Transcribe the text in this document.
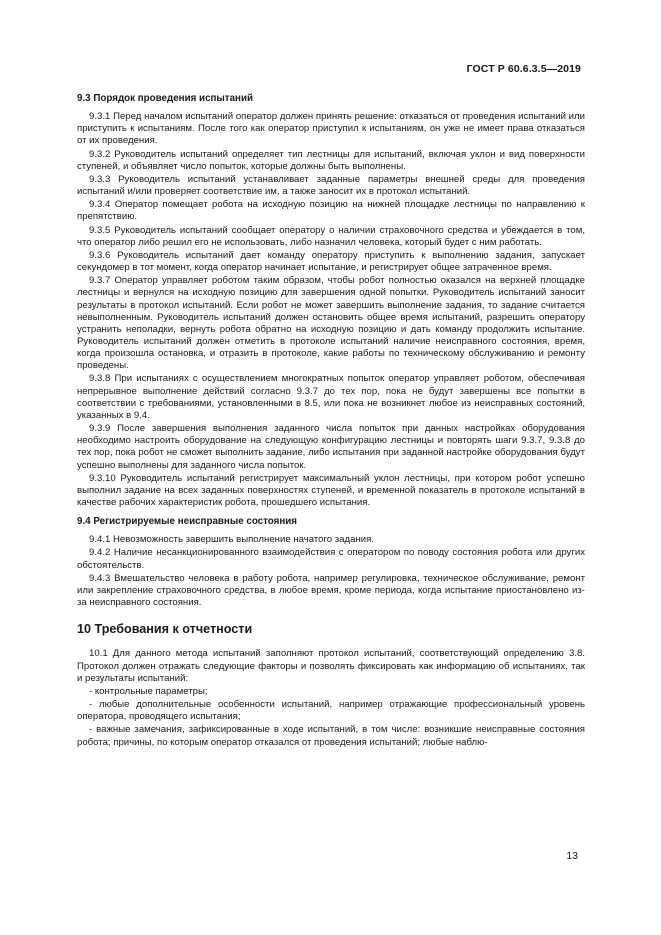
ГОСТ Р 60.6.3.5—2019
9.3 Порядок проведения испытаний

9.3.1 Перед началом испытаний оператор должен принять решение: отказаться от проведения испытаний или приступить к испытаниям. После того как оператор приступил к испытаниям, он уже не имеет права отказаться от их проведения.

9.3.2 Руководитель испытаний определяет тип лестницы для испытаний, включая уклон и вид поверхности ступеней, и объявляет число попыток, которые должны быть выполнены.

9.3.3 Руководитель испытаний устанавливает заданные параметры внешней среды для проведения испытаний и/или проверяет соответствие им, а также заносит их в протокол испытаний.

9.3.4 Оператор помещает робота на исходную позицию на нижней площадке лестницы по направлению к препятствию.

9.3.5 Руководитель испытаний сообщает оператору о наличии страховочного средства и убеждается в том, что оператор либо решил его не использовать, либо назначил человека, который будет с ним работать.

9.3.6 Руководитель испытаний дает команду оператору приступить к выполнению задания, запускает секундомер в тот момент, когда оператор начинает испытание, и регистрирует общее затраченное время.

9.3.7 Оператор управляет роботом таким образом, чтобы робот полностью оказался на верхней площадке лестницы и вернулся на исходную позицию для завершения одной попытки. Руководитель испытаний заносит результаты в протокол испытаний. Если робот не может завершить выполнение задания, то задание считается невыполненным. Руководитель испытаний должен остановить общее время испытаний, разрешить оператору устранить неполадки, вернуть робота обратно на исходную позицию и дать команду продолжить испытание. Руководитель испытаний должен отметить в протоколе испытаний наличие неисправного состояния, время, когда произошла остановка, и отразить в протоколе, какие работы по техническому обслуживанию и ремонту проведены.

9.3.8 При испытаниях с осуществлением многократных попыток оператор управляет роботом, обеспечивая непрерывное выполнение действий согласно 9.3.7 до тех пор, пока не будут завершены все попытки в соответствии с требованиями, установленными в 8.5, или пока не возникнет любое из неисправных состояний, указанных в 9.4.

9.3.9 После завершения выполнения заданного числа попыток при данных настройках оборудования необходимо настроить оборудование на следующую конфигурацию лестницы и повторять шаги 9.3.7, 9.3.8 до тех пор, пока робот не сможет выполнить задание, либо испытания при заданной настройке оборудования будут успешно выполнены для заданного числа попыток.

9.3.10 Руководитель испытаний регистрирует максимальный уклон лестницы, при котором робот успешно выполнил задание на всех заданных поверхностях ступеней, и временной показатель в протоколе испытаний в качестве рабочих характеристик робота, прошедшего испытания.

9.4 Регистрируемые неисправные состояния

9.4.1 Невозможность завершить выполнение начатого задания.

9.4.2 Наличие несанкционированного взаимодействия с оператором по поводу состояния робота или других обстоятельств.

9.4.3 Вмешательство человека в работу робота, например регулировка, техническое обслуживание, ремонт или закрепление страховочного средства, в любое время, кроме периода, когда испытание приостановлено из-за неисправного состояния.

10 Требования к отчетности

10.1 Для данного метода испытаний заполняют протокол испытаний, соответствующий определению 3.8. Протокол должен отражать следующие факторы и позволять фиксировать как информацию об испытаниях, так и результаты испытаний:

- контрольные параметры;

- любые дополнительные особенности испытаний, например отражающие профессиональный уровень оператора, проводящего испытания;

- важные замечания, зафиксированные в ходе испытаний, в том числе: возникшие неисправные состояния робота; причины, по которым оператор отказался от проведения испытаний; любые наблю-

13
